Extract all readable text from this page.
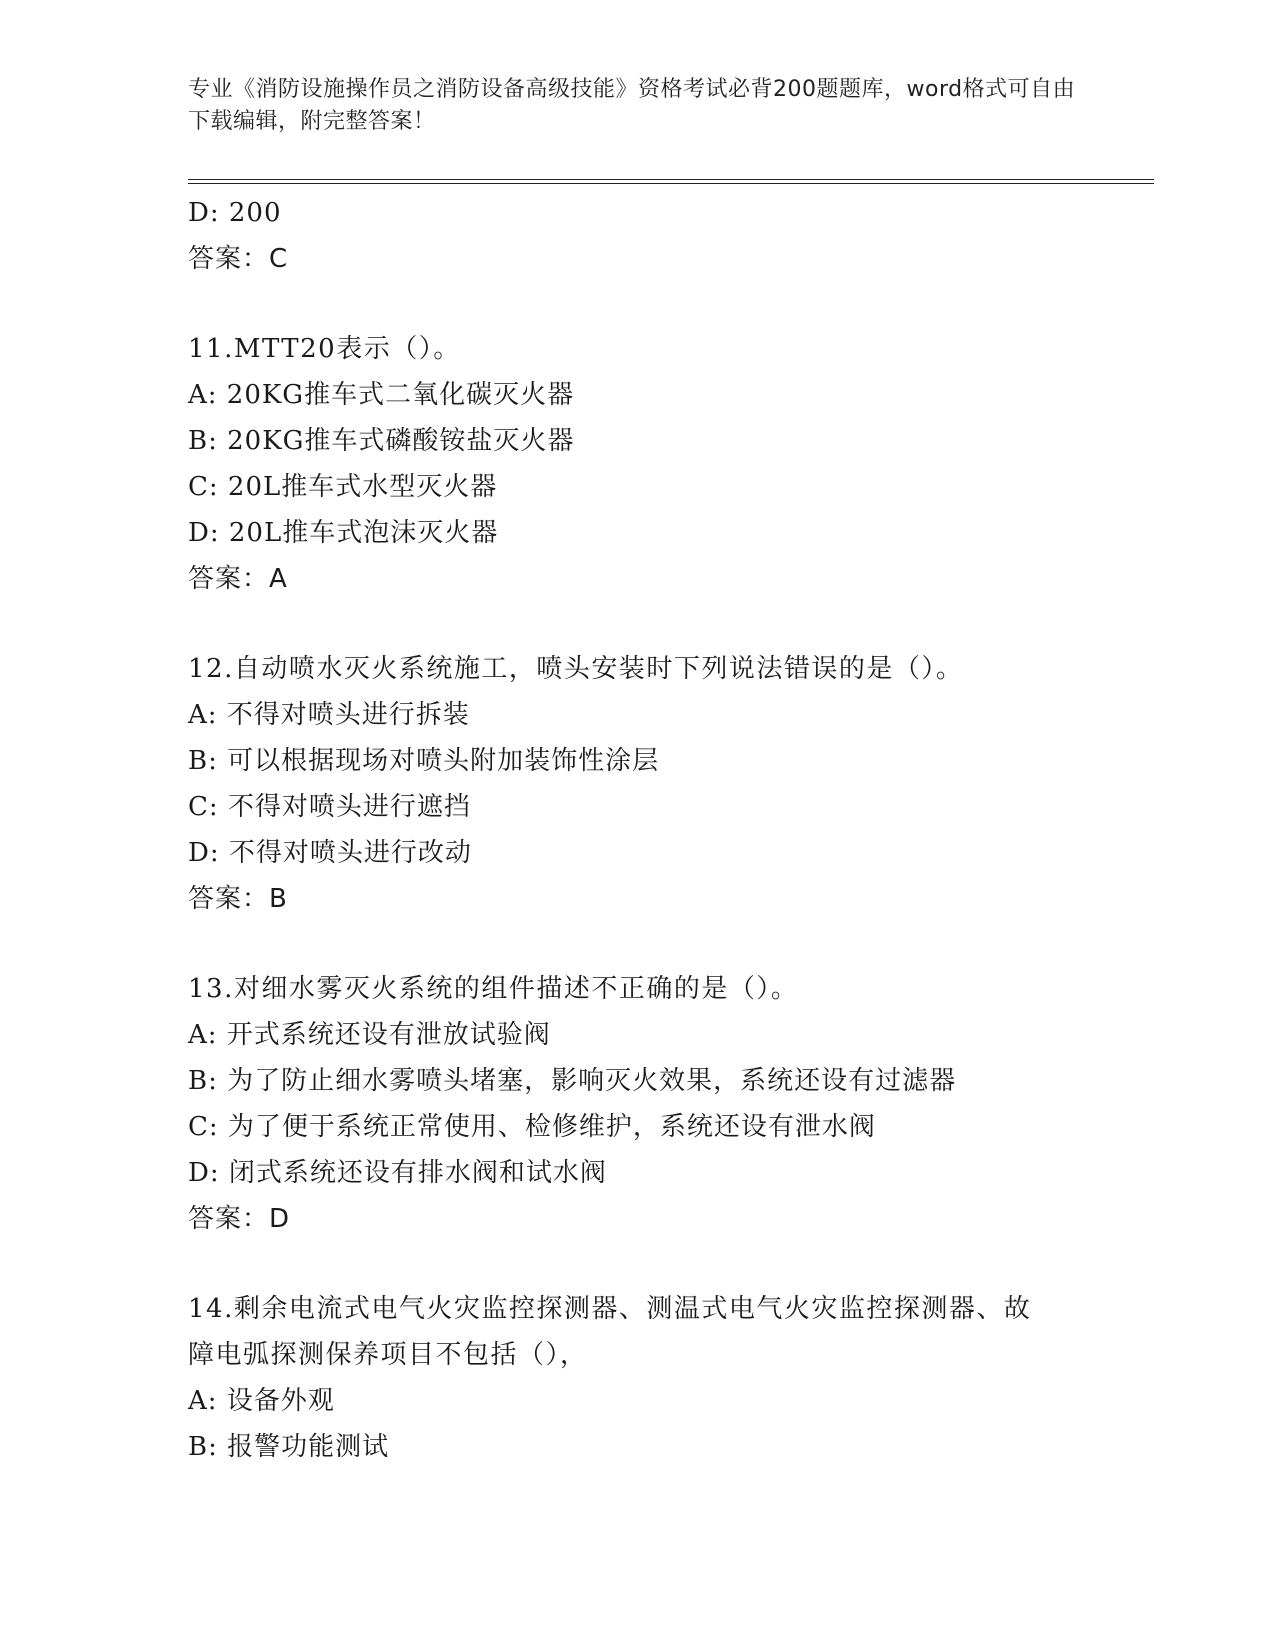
专业《消防设施操作员之消防设备高级技能》资格考试必背200题题库，word格式可自由下载编辑，附完整答案！
D: 200
答案：C
11.MTT20表示（）。
A: 20KG推车式二氧化碳灭火器
B: 20KG推车式磷酸铵盐灭火器
C: 20L推车式水型灭火器
D: 20L推车式泡沫灭火器
答案：A
12.自动喷水灭火系统施工，喷头安装时下列说法错误的是（）。
A: 不得对喷头进行拆装
B: 可以根据现场对喷头附加装饰性涂层
C: 不得对喷头进行遮挡
D: 不得对喷头进行改动
答案：B
13.对细水雾灭火系统的组件描述不正确的是（）。
A: 开式系统还设有泄放试验阀
B: 为了防止细水雾喷头堵塞，影响灭火效果，系统还设有过滤器
C: 为了便于系统正常使用、检修维护，系统还设有泄水阀
D: 闭式系统还设有排水阀和试水阀
答案：D
14.剩余电流式电气火灾监控探测器、测温式电气火灾监控探测器、故
障电弧探测保养项目不包括（），
A: 设备外观
B: 报警功能测试
